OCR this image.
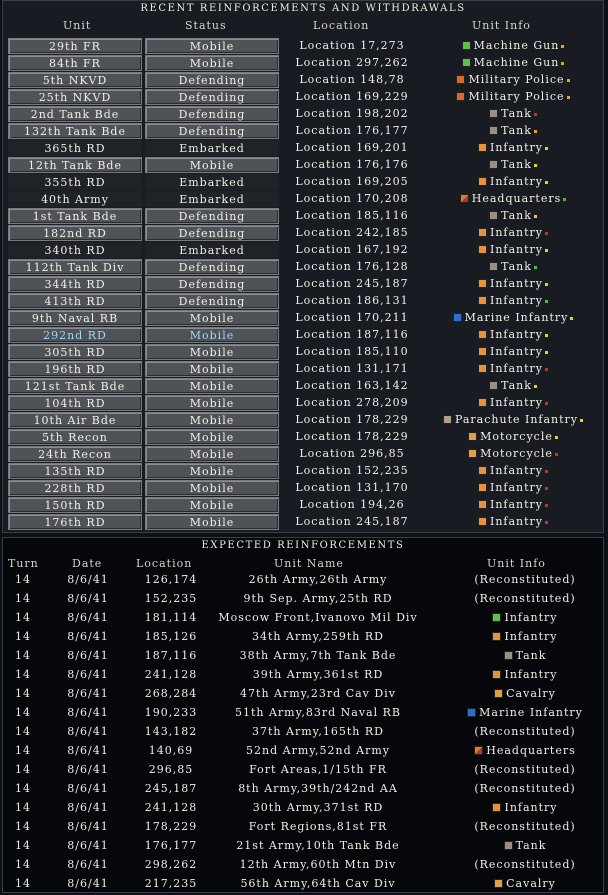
RECENT REINFORCEMENTS AND WITHDRAWALS
Unit	Status	Location	Unit Info
29th FR	Mobile	Location 17,273	Machine Gun
84th FR	Mobile	Location 297,262	Machine Gun
5th NKVD	Defending	Location 148,78	Military Police
25th NKVD	Defending	Location 169,229	Military Police
2nd Tank Bde	Defending	Location 198,202	Tank
132th Tank Bde	Defending	Location 176,177	Tank
365th RD	Embarked	Location 169,201	Infantry
12th Tank Bde	Mobile	Location 176,176	Tank
355th RD	Embarked	Location 169,205	Infantry
40th Army	Embarked	Location 170,208	Headquarters
1st Tank Bde	Defending	Location 185,116	Tank
182nd RD	Defending	Location 242,185	Infantry
340th RD	Embarked	Location 167,192	Infantry
112th Tank Div	Defending	Location 176,128	Tank
344th RD	Defending	Location 245,187	Infantry
413th RD	Defending	Location 186,131	Infantry
9th Naval RB	Mobile	Location 170,211	Marine Infantry
292nd RD	Mobile	Location 187,116	Infantry
305th RD	Mobile	Location 185,110	Infantry
196th RD	Mobile	Location 131,171	Infantry
121st Tank Bde	Mobile	Location 163,142	Tank
104th RD	Mobile	Location 278,209	Infantry
10th Air Bde	Mobile	Location 178,229	Parachute Infantry
5th Recon	Mobile	Location 178,229	Motorcycle
24th Recon	Mobile	Location 296,85	Motorcycle
135th RD	Mobile	Location 152,235	Infantry
228th RD	Mobile	Location 131,170	Infantry
150th RD	Mobile	Location 194,26	Infantry
176th RD	Mobile	Location 245,187	Infantry
EXPECTED REINFORCEMENTS
Turn	Date	Location	Unit Name	Unit Info
14	8/6/41	126,174	26th Army,26th Army	(Reconstituted)
14	8/6/41	152,235	9th Sep. Army,25th RD	(Reconstituted)
14	8/6/41	181,114	Moscow Front,Ivanovo Mil Div	Infantry
14	8/6/41	185,126	34th Army,259th RD	Infantry
14	8/6/41	187,116	38th Army,7th Tank Bde	Tank
14	8/6/41	241,128	39th Army,361st RD	Infantry
14	8/6/41	268,284	47th Army,23rd Cav Div	Cavalry
14	8/6/41	190,233	51th Army,83rd Naval RB	Marine Infantry
14	8/6/41	143,182	37th Army,165th RD	(Reconstituted)
14	8/6/41	140,69	52nd Army,52nd Army	Headquarters
14	8/6/41	296,85	Fort Areas,1/15th FR	(Reconstituted)
14	8/6/41	245,187	8th Army,39th/242nd AA	(Reconstituted)
14	8/6/41	241,128	30th Army,371st RD	Infantry
14	8/6/41	178,229	Fort Regions,81st FR	(Reconstituted)
14	8/6/41	176,177	21st Army,10th Tank Bde	Tank
14	8/6/41	298,262	12th Army,60th Mtn Div	(Reconstituted)
14	8/6/41	217,235	56th Army,64th Cav Div	Cavalry
